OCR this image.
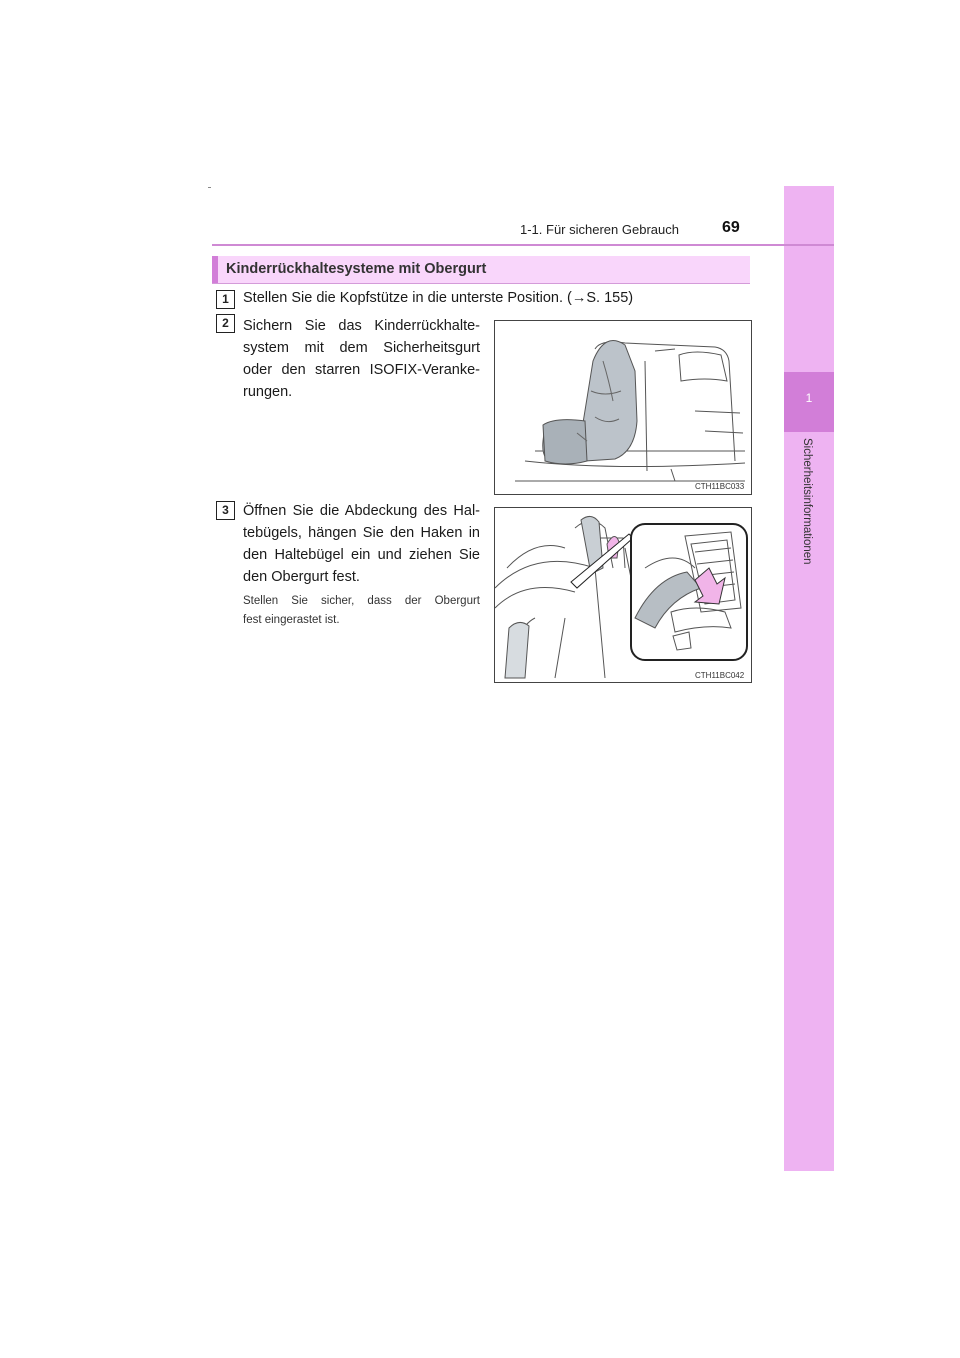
1
Sicherheitsinformationen
1-1. Für sicheren Gebrauch	69
Kinderrückhaltesysteme mit Obergurt
1 Stellen Sie die Kopfstütze in die unterste Position. (→S. 155)
2 Sichern Sie das Kinderrückhalte-
system mit dem Sicherheitsgurt
oder den starren ISOFIX-Veranke-
rungen.
CTH11BC033
3 Öffnen Sie die Abdeckung des Hal-
tebügels, hängen Sie den Haken in
den Haltebügel ein und ziehen Sie
den Obergurt fest.
Stellen Sie sicher, dass der Obergurt
fest eingerastet ist.
CTH11BC042
